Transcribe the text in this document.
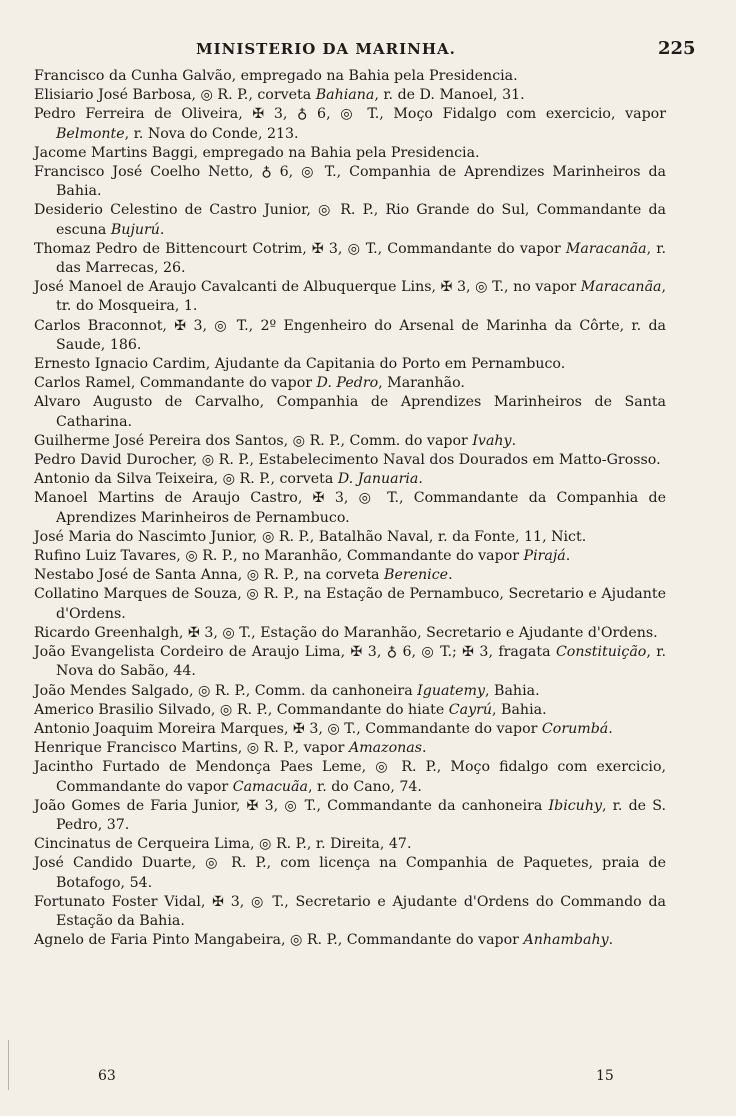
MINISTERIO DA MARINHA.	225
Francisco da Cunha Galvão, empregado na Bahia pela Presidencia.
Elisiario José Barbosa, ◎ R. P., corveta Bahiana, r. de D. Manoel, 31.
Pedro Ferreira de Oliveira, ✠ 3, ♁ 6, ◎ T., Moço Fidalgo com exercicio, vapor Belmonte, r. Nova do Conde, 213.
Jacome Martins Baggi, empregado na Bahia pela Presidencia.
Francisco José Coelho Netto, ♁ 6, ◎ T., Companhia de Aprendizes Marinheiros da Bahia.
Desiderio Celestino de Castro Junior, ◎ R. P., Rio Grande do Sul, Commandante da escuna Bujurú.
Thomaz Pedro de Bittencourt Cotrim, ✠ 3, ◎ T., Commandante do vapor Maracanãa, r. das Marrecas, 26.
José Manoel de Araujo Cavalcanti de Albuquerque Lins, ✠ 3, ◎ T., no vapor Maracanãa, tr. do Mosqueira, 1.
Carlos Braconnot, ✠ 3, ◎ T., 2º Engenheiro do Arsenal de Marinha da Côrte, r. da Saude, 186.
Ernesto Ignacio Cardim, Ajudante da Capitania do Porto em Pernambuco.
Carlos Ramel, Commandante do vapor D. Pedro, Maranhão.
Alvaro Augusto de Carvalho, Companhia de Aprendizes Marinheiros de Santa Catharina.
Guilherme José Pereira dos Santos, ◎ R. P., Comm. do vapor Ivahy.
Pedro David Durocher, ◎ R. P., Estabelecimento Naval dos Dourados em Matto-Grosso.
Antonio da Silva Teixeira, ◎ R. P., corveta D. Januaria.
Manoel Martins de Araujo Castro, ✠ 3, ◎ T., Commandante da Companhia de Aprendizes Marinheiros de Pernambuco.
José Maria do Nascimto Junior, ◎ R. P., Batalhão Naval, r. da Fonte, 11, Nict.
Rufino Luiz Tavares, ◎ R. P., no Maranhão, Commandante do vapor Pirajá.
Nestabo José de Santa Anna, ◎ R. P., na corveta Berenice.
Collatino Marques de Souza, ◎ R. P., na Estação de Pernambuco, Secretario e Ajudante d'Ordens.
Ricardo Greenhalgh, ✠ 3, ◎ T., Estação do Maranhão, Secretario e Ajudante d'Ordens.
João Evangelista Cordeiro de Araujo Lima, ✠ 3, ♁ 6, ◎ T.; ✠ 3, fragata Constituição, r. Nova do Sabão, 44.
João Mendes Salgado, ◎ R. P., Comm. da canhoneira Iguatemy, Bahia.
Americo Brasilio Silvado, ◎ R. P., Commandante do hiate Cayrú, Bahia.
Antonio Joaquim Moreira Marques, ✠ 3, ◎ T., Commandante do vapor Corumbá.
Henrique Francisco Martins, ◎ R. P., vapor Amazonas.
Jacintho Furtado de Mendonça Paes Leme, ◎ R. P., Moço fidalgo com exercicio, Commandante do vapor Camacuãa, r. do Cano, 74.
João Gomes de Faria Junior, ✠ 3, ◎ T., Commandante da canhoneira Ibicuhy, r. de S. Pedro, 37.
Cincinatus de Cerqueira Lima, ◎ R. P., r. Direita, 47.
José Candido Duarte, ◎ R. P., com licença na Companhia de Paquetes, praia de Botafogo, 54.
Fortunato Foster Vidal, ✠ 3, ◎ T., Secretario e Ajudante d'Ordens do Commando da Estação da Bahia.
Agnelo de Faria Pinto Mangabeira, ◎ R. P., Commandante do vapor Anhambahy.
63	15
